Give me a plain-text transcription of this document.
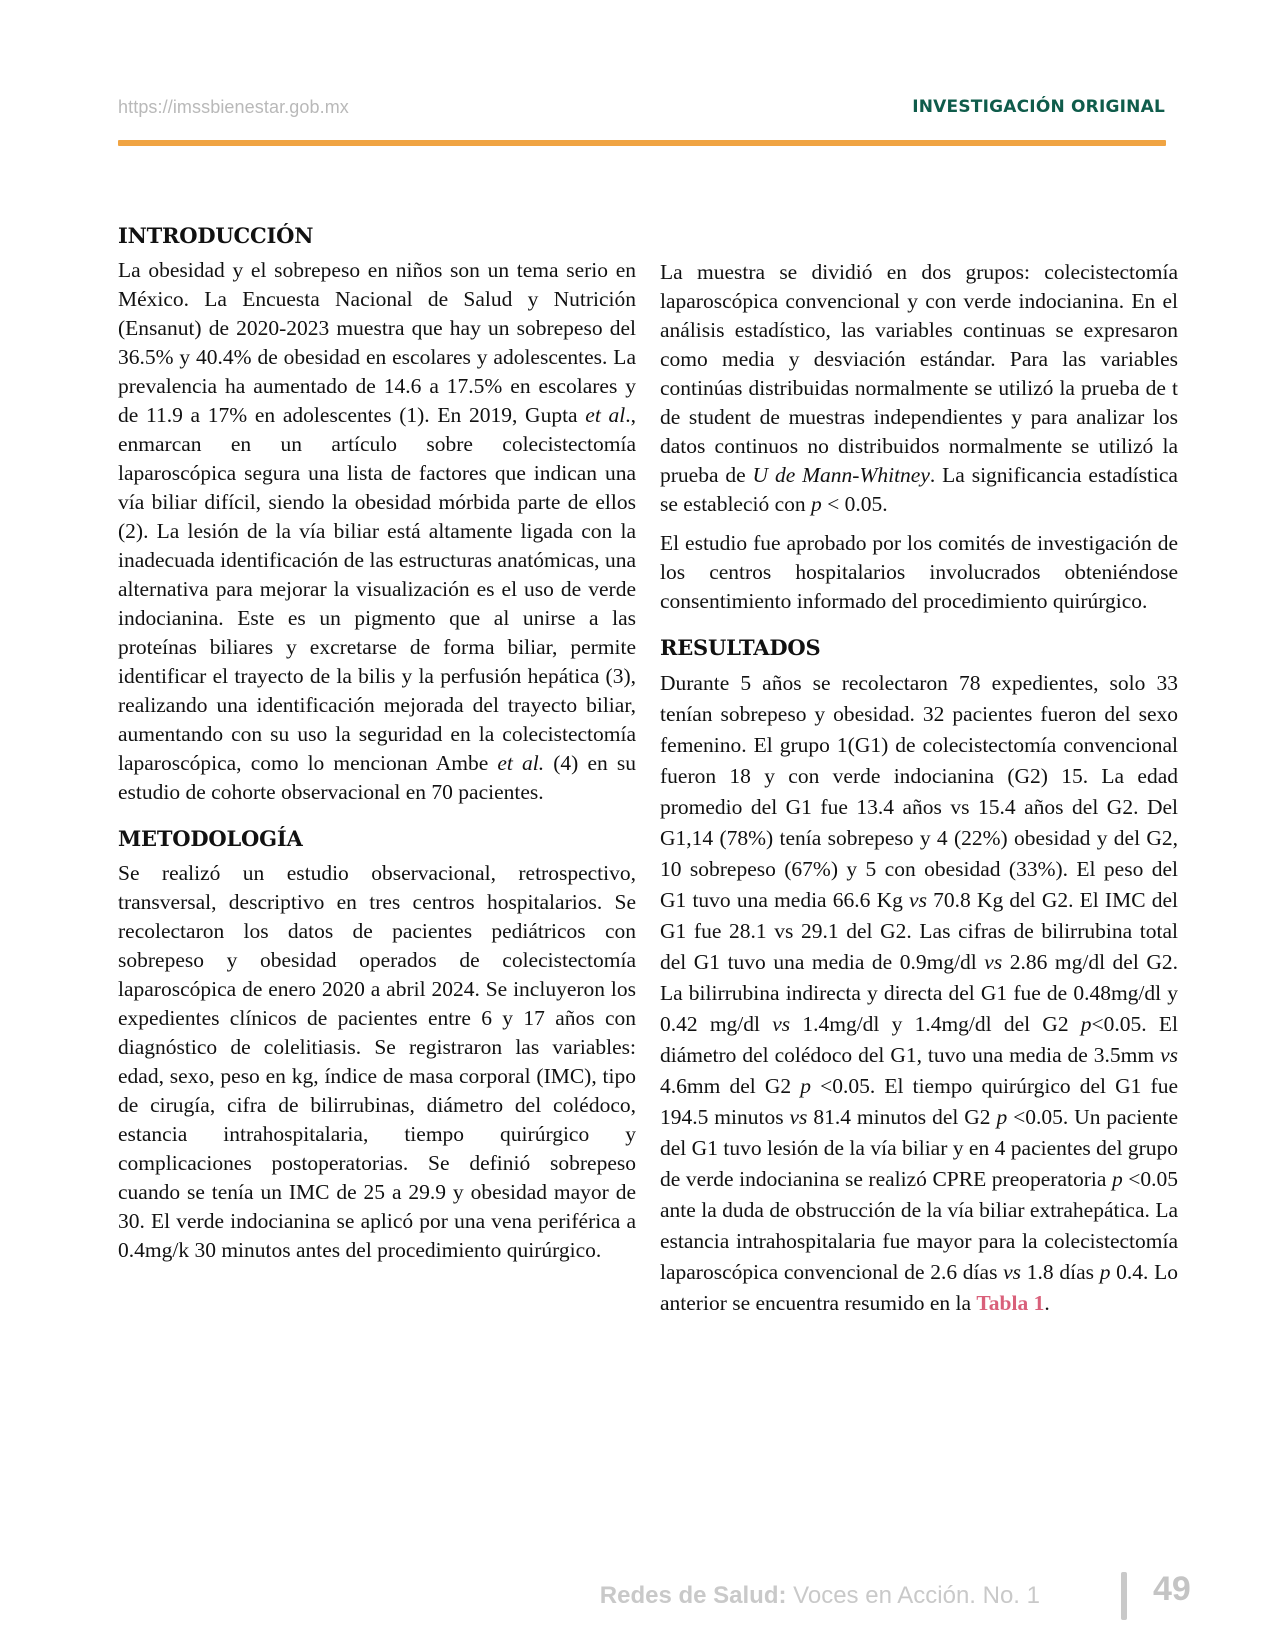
https://imssbienestar.gob.mx	INVESTIGACIÓN ORIGINAL
INTRODUCCIÓN

La obesidad y el sobrepeso en niños son un tema serio en México. La Encuesta Nacional de Salud y Nutrición (Ensanut) de 2020-2023 muestra que hay un sobrepeso del 36.5% y 40.4% de obesidad en escolares y adolescentes. La prevalencia ha aumentado de 14.6 a 17.5% en escolares y de 11.9 a 17% en adolescentes (1). En 2019, Gupta et al., enmarcan en un artículo sobre colecistectomía laparoscópica segura una lista de factores que indican una vía biliar difícil, siendo la obesidad mórbida parte de ellos (2). La lesión de la vía biliar está altamente ligada con la inadecuada identificación de las estructuras anatómicas, una alternativa para mejorar la visualización es el uso de verde indocianina. Este es un pigmento que al unirse a las proteínas biliares y excretarse de forma biliar, permite identificar el trayecto de la bilis y la perfusión hepática (3), realizando una identificación mejorada del trayecto biliar, aumentando con su uso la seguridad en la colecistectomía laparoscópica, como lo mencionan Ambe et al. (4) en su estudio de cohorte observacional en 70 pacientes.

METODOLOGÍA

Se realizó un estudio observacional, retrospectivo, transversal, descriptivo en tres centros hospitalarios. Se recolectaron los datos de pacientes pediátricos con sobrepeso y obesidad operados de colecistectomía laparoscópica de enero 2020 a abril 2024. Se incluyeron los expedientes clínicos de pacientes entre 6 y 17 años con diagnóstico de colelitiasis. Se registraron las variables: edad, sexo, peso en kg, índice de masa corporal (IMC), tipo de cirugía, cifra de bilirrubinas, diámetro del colédoco, estancia intrahospitalaria, tiempo quirúrgico y complicaciones postoperatorias. Se definió sobrepeso cuando se tenía un IMC de 25 a 29.9 y obesidad mayor de 30. El verde indocianina se aplicó por una vena periférica a 0.4mg/k 30 minutos antes del procedimiento quirúrgico.

La muestra se dividió en dos grupos: colecistectomía laparoscópica convencional y con verde indocianina. En el análisis estadístico, las variables continuas se expresaron como media y desviación estándar. Para las variables continúas distribuidas normalmente se utilizó la prueba de t de student de muestras independientes y para analizar los datos continuos no distribuidos normalmente se utilizó la prueba de U de Mann-Whitney. La significancia estadística se estableció con p < 0.05.

El estudio fue aprobado por los comités de investigación de los centros hospitalarios involucrados obteniéndose consentimiento informado del procedimiento quirúrgico.

RESULTADOS

Durante 5 años se recolectaron 78 expedientes, solo 33 tenían sobrepeso y obesidad. 32 pacientes fueron del sexo femenino. El grupo 1(G1) de colecistectomía convencional fueron 18 y con verde indocianina (G2) 15. La edad promedio del G1 fue 13.4 años vs 15.4 años del G2. Del G1,14 (78%) tenía sobrepeso y 4 (22%) obesidad y del G2, 10 sobrepeso (67%) y 5 con obesidad (33%). El peso del G1 tuvo una media 66.6 Kg vs 70.8 Kg del G2. El IMC del G1 fue 28.1 vs 29.1 del G2. Las cifras de bilirrubina total del G1 tuvo una media de 0.9mg/dl vs 2.86 mg/dl del G2. La bilirrubina indirecta y directa del G1 fue de 0.48mg/dl y 0.42 mg/dl vs 1.4mg/dl y 1.4mg/dl del G2 p<0.05. El diámetro del colédoco del G1, tuvo una media de 3.5mm vs 4.6mm del G2 p <0.05. El tiempo quirúrgico del G1 fue 194.5 minutos vs 81.4 minutos del G2 p <0.05. Un paciente del G1 tuvo lesión de la vía biliar y en 4 pacientes del grupo de verde indocianina se realizó CPRE preoperatoria p <0.05 ante la duda de obstrucción de la vía biliar extrahepática. La estancia intrahospitalaria fue mayor para la colecistectomía laparoscópica convencional de 2.6 días vs 1.8 días p 0.4. Lo anterior se encuentra resumido en la Tabla 1.

Redes de Salud: Voces en Acción. No. 1	49
